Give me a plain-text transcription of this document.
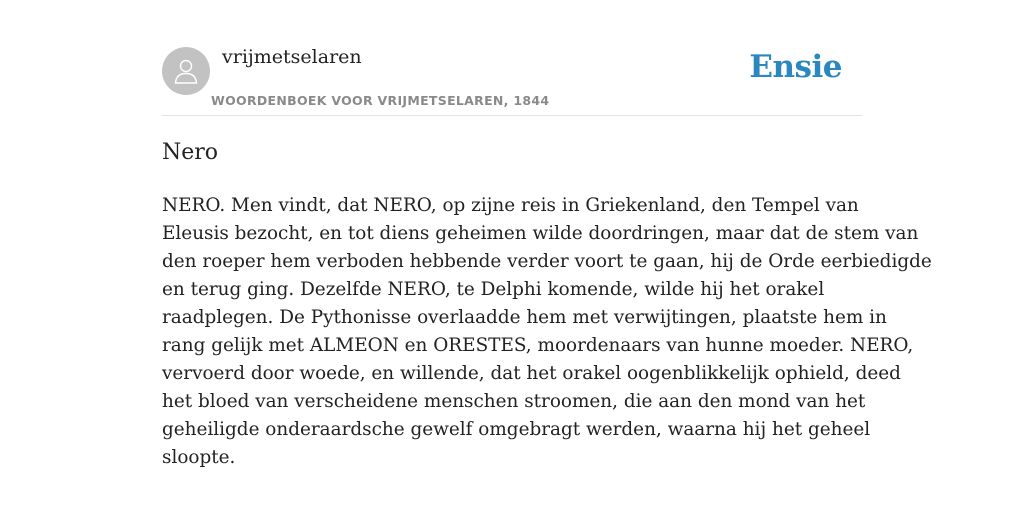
vrijmetselaren
WOORDENBOEK VOOR VRIJMETSELAREN, 1844
Ensie
Nero

NERO. Men vindt, dat NERO, op zijne reis in Griekenland, den Tempel van
Eleusis bezocht, en tot diens geheimen wilde doordringen, maar dat de stem van
den roeper hem verboden hebbende verder voort te gaan, hij de Orde eerbiedigde
en terug ging. Dezelfde NERO, te Delphi komende, wilde hij het orakel
raadplegen. De Pythonisse overlaadde hem met verwijtingen, plaatste hem in
rang gelijk met ALMEON en ORESTES, moordenaars van hunne moeder. NERO,
vervoerd door woede, en willende, dat het orakel oogenblikkelijk ophield, deed
het bloed van verscheidene menschen stroomen, die aan den mond van het
geheiligde onderaardsche gewelf omgebragt werden, waarna hij het geheel
sloopte.
